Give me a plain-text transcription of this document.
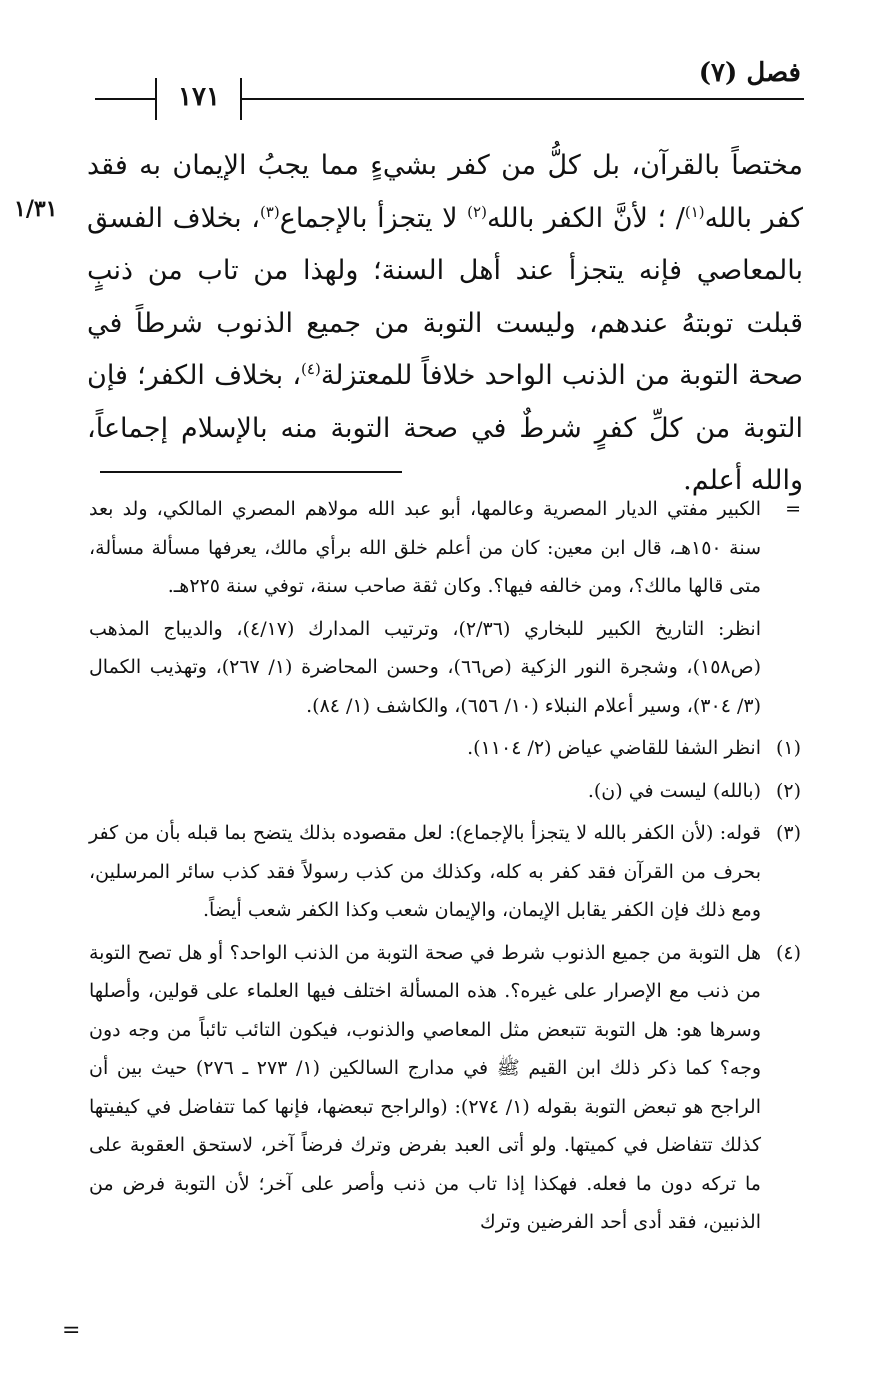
فصل (٧)
١٧١
١/٣١

مختصاً بالقرآن، بل كلُّ من كفر بشيءٍ مما يجبُ الإيمان به فقد كفر بالله$^{(١)}$/ ؛ لأنَّ الكفر بالله$^{(٢)}$ لا يتجزأ بالإجماع$^{(٣)}$، بخلاف الفسق بالمعاصي فإنه يتجزأ عند أهل السنة؛ ولهذا من تاب من ذنبٍ قبلت توبتهُ عندهم، وليست التوبة من جميع الذنوب شرطاً في صحة التوبة من الذنب الواحد خلافاً للمعتزلة$^{(٤)}$، بخلاف الكفر؛ فإن التوبة من كلِّ كفرٍ شرطٌ في صحة التوبة منه بالإسلام إجماعاً، والله أعلم.

=
الكبير مفتي الديار المصرية وعالمها، أبو عبد الله مولاهم المصري المالكي، ولد بعد سنة ١٥٠هـ، قال ابن معين: كان من أعلم خلق الله برأي مالك، يعرفها مسألة مسألة، متى قالها مالك؟، ومن خالفه فيها؟. وكان ثقة صاحب سنة، توفي سنة ٢٢٥هـ.
انظر: التاريخ الكبير للبخاري (٢/٣٦)، وترتيب المدارك (٤/١٧)، والديباج المذهب (ص١٥٨)، وشجرة النور الزكية (ص٦٦)، وحسن المحاضرة (١/ ٢٦٧)، وتهذيب الكمال (٣/ ٣٠٤)، وسير أعلام النبلاء (١٠/ ٦٥٦)، والكاشف (١/ ٨٤).
(١)
انظر الشفا للقاضي عياض (٢/ ١١٠٤).
(٢)
(بالله) ليست في (ن).
(٣)
قوله: (لأن الكفر بالله لا يتجزأ بالإجماع): لعل مقصوده بذلك يتضح بما قبله بأن من كفر بحرف من القرآن فقد كفر به كله، وكذلك من كذب رسولاً فقد كذب سائر المرسلين، ومع ذلك فإن الكفر يقابل الإيمان، والإيمان شعب وكذا الكفر شعب أيضاً.
(٤)
هل التوبة من جميع الذنوب شرط في صحة التوبة من الذنب الواحد؟ أو هل تصح التوبة من ذنب مع الإصرار على غيره؟. هذه المسألة اختلف فيها العلماء على قولين، وأصلها وسرها هو: هل التوبة تتبعض مثل المعاصي والذنوب، فيكون التائب تائباً من وجه دون وجه؟ كما ذكر ذلك ابن القيم ﷺ في مدارج السالكين (١/ ٢٧٣ ـ ٢٧٦) حيث بين أن الراجح هو تبعض التوبة بقوله (١/ ٢٧٤): (والراجح تبعضها، فإنها كما تتفاضل في كيفيتها كذلك تتفاضل في كميتها. ولو أتى العبد بفرض وترك فرضاً آخر، لاستحق العقوبة على ما تركه دون ما فعله. فهكذا إذا تاب من ذنب وأصر على آخر؛ لأن التوبة فرض من الذنبين، فقد أدى أحد الفرضين وترك
=
